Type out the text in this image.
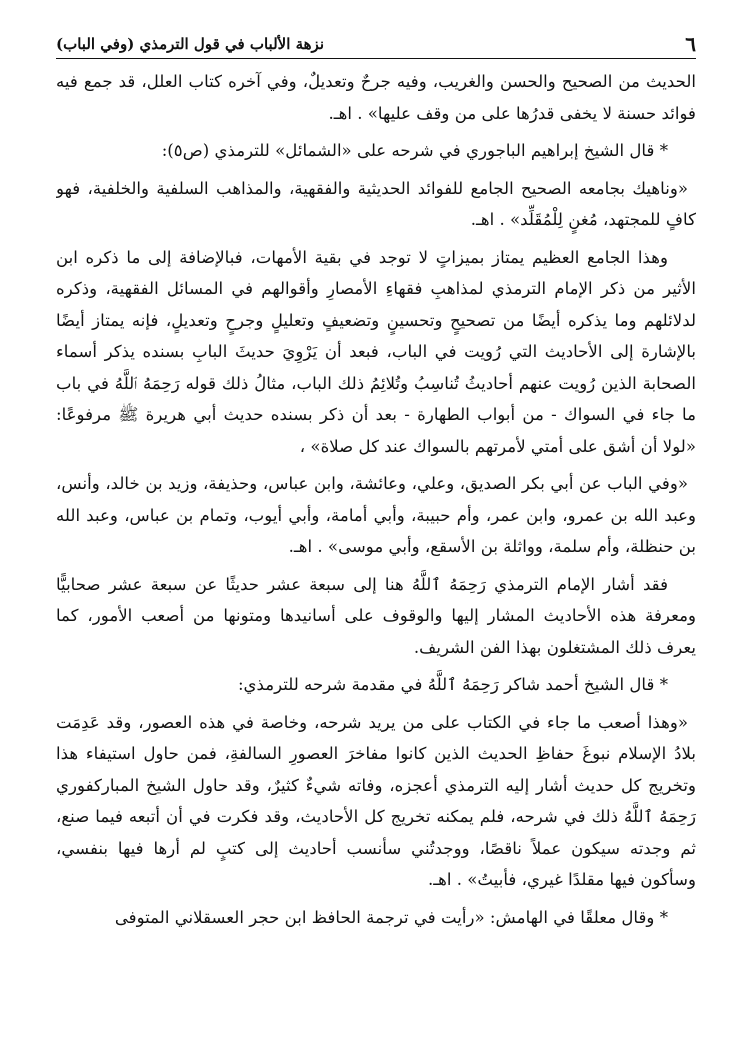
٦
نزهة الألباب في قول الترمذي (وفي الباب)

الحديث من الصحيح والحسن والغريب، وفيه جرحٌ وتعديلٌ، وفي آخره كتاب العلل، قد جمع فيه فوائد حسنة لا يخفى قدرُها على من وقف عليها» . اهـ.

* قال الشيخ إبراهيم الباجوري في شرحه على «الشمائل» للترمذي (ص٥):

«وناهيك بجامعه الصحيح الجامع للفوائد الحديثية والفقهية، والمذاهب السلفية والخلفية، فهو كافٍ للمجتهد، مُغنٍ لِلْمُقَلِّد» . اهـ.

وهذا الجامع العظيم يمتاز بميزاتٍ لا توجد في بقية الأمهات، فبالإضافة إلى ما ذكره ابن الأثير من ذكر الإمام الترمذي لمذاهبِ فقهاءِ الأمصارِ وأقوالهم في المسائل الفقهية، وذكره لدلائلهم وما يذكره أيضًا من تصحيحٍ وتحسينٍ وتضعيفٍ وتعليلٍ وجرحٍ وتعديلٍ، فإنه يمتاز أيضًا بالإشارة إلى الأحاديث التي رُويت في الباب، فبعد أن يَرْوِيَ حديثَ البابِ بسنده يذكر أسماء الصحابة الذين رُويت عنهم أحاديثُ تُناسِبُ وتُلائِمُ ذلك الباب، مثالُ ذلك قوله رَحِمَهُ ٱللَّهُ في باب ما جاء في السواك - من أبواب الطهارة - بعد أن ذكر بسنده حديث أبي هريرة ﷺ مرفوعًا: «لولا أن أشق على أمتي لأمرتهم بالسواك عند كل صلاة» ،

«وفي الباب عن أبي بكر الصديق، وعلي، وعائشة، وابن عباس، وحذيفة، وزيد بن خالد، وأنس، وعبد الله بن عمرو، وابن عمر، وأم حبيبة، وأبي أمامة، وأبي أيوب، وتمام بن عباس، وعبد الله بن حنظلة، وأم سلمة، وواثلة بن الأسقع، وأبي موسى» . اهـ.

فقد أشار الإمام الترمذي رَحِمَهُ ٱللَّهُ هنا إلى سبعة عشر حديثًا عن سبعة عشر صحابيًّا ومعرفة هذه الأحاديث المشار إليها والوقوف على أسانيدها ومتونها من أصعب الأمور، كما يعرف ذلك المشتغلون بهذا الفن الشريف.

* قال الشيخ أحمد شاكر رَحِمَهُ ٱللَّهُ في مقدمة شرحه للترمذي:

«وهذا أصعب ما جاء في الكتاب على من يريد شرحه، وخاصة في هذه العصور، وقد عَدِمَت بلادُ الإسلام نبوغَ حفاظِ الحديث الذين كانوا مفاخرَ العصورِ السالفةِ، فمن حاول استيفاء هذا وتخريج كل حديث أشار إليه الترمذي أعجزه، وفاته شيءٌ كثيرٌ، وقد حاول الشيخ المباركفوري رَحِمَهُ ٱللَّهُ ذلك في شرحه، فلم يمكنه تخريج كل الأحاديث، وقد فكرت في أن أتبعه فيما صنع، ثم وجدته سيكون عملاً ناقصًا، ووجدتُني سأنسب أحاديث إلى كتبٍ لم أرها فيها بنفسي، وسأكون فيها مقلدًا غيري، فأبيتُ» . اهـ.

* وقال معلقًا في الهامش: «رأيت في ترجمة الحافظ ابن حجر العسقلاني المتوفى
